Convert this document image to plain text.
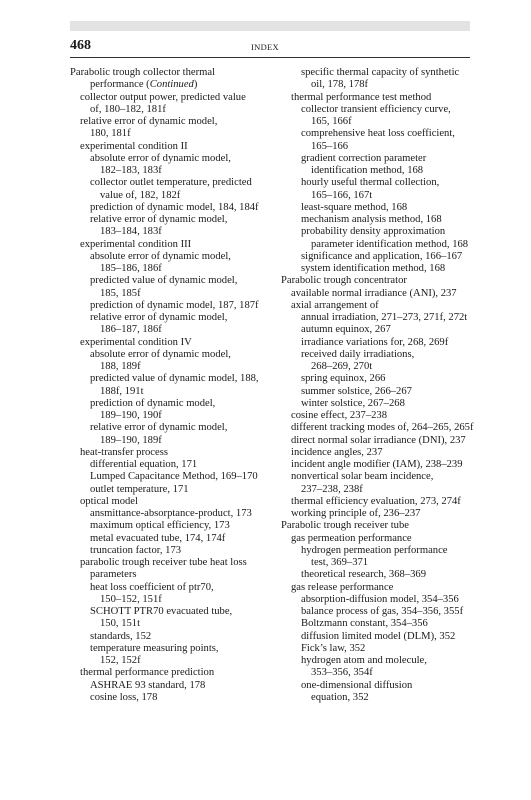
468	INDEX
Parabolic trough collector thermal
performance (Continued)
collector output power, predicted value
of, 180–182, 181f
relative error of dynamic model,
180, 181f
experimental condition II
absolute error of dynamic model,
182–183, 183f
collector outlet temperature, predicted
value of, 182, 182f
prediction of dynamic model, 184, 184f
relative error of dynamic model,
183–184, 183f
experimental condition III
absolute error of dynamic model,
185–186, 186f
predicted value of dynamic model,
185, 185f
prediction of dynamic model, 187, 187f
relative error of dynamic model,
186–187, 186f
experimental condition IV
absolute error of dynamic model,
188, 189f
predicted value of dynamic model, 188,
188f, 191t
prediction of dynamic model,
189–190, 190f
relative error of dynamic model,
189–190, 189f
heat-transfer process
differential equation, 171
Lumped Capacitance Method, 169–170
outlet temperature, 171
optical model
ansmittance-absorptance-product, 173
maximum optical efficiency, 173
metal evacuated tube, 174, 174f
truncation factor, 173
parabolic trough receiver tube heat loss
parameters
heat loss coefficient of ptr70,
150–152, 151f
SCHOTT PTR70 evacuated tube,
150, 151t
standards, 152
temperature measuring points,
152, 152f
thermal performance prediction
ASHRAE 93 standard, 178
cosine loss, 178
specific thermal capacity of synthetic
oil, 178, 178f
thermal performance test method
collector transient efficiency curve,
165, 166f
comprehensive heat loss coefficient,
165–166
gradient correction parameter
identification method, 168
hourly useful thermal collection,
165–166, 167t
least-square method, 168
mechanism analysis method, 168
probability density approximation
parameter identification method, 168
significance and application, 166–167
system identification method, 168
Parabolic trough concentrator
available normal irradiance (ANI), 237
axial arrangement of
annual irradiation, 271–273, 271f, 272t
autumn equinox, 267
irradiance variations for, 268, 269f
received daily irradiations,
268–269, 270t
spring equinox, 266
summer solstice, 266–267
winter solstice, 267–268
cosine effect, 237–238
different tracking modes of, 264–265, 265f
direct normal solar irradiance (DNI), 237
incidence angles, 237
incident angle modifier (IAM), 238–239
nonvertical solar beam incidence,
237–238, 238f
thermal efficiency evaluation, 273, 274f
working principle of, 236–237
Parabolic trough receiver tube
gas permeation performance
hydrogen permeation performance
test, 369–371
theoretical research, 368–369
gas release performance
absorption-diffusion model, 354–356
balance process of gas, 354–356, 355f
Boltzmann constant, 354–356
diffusion limited model (DLM), 352
Fick’s law, 352
hydrogen atom and molecule,
353–356, 354f
one-dimensional diffusion
equation, 352
